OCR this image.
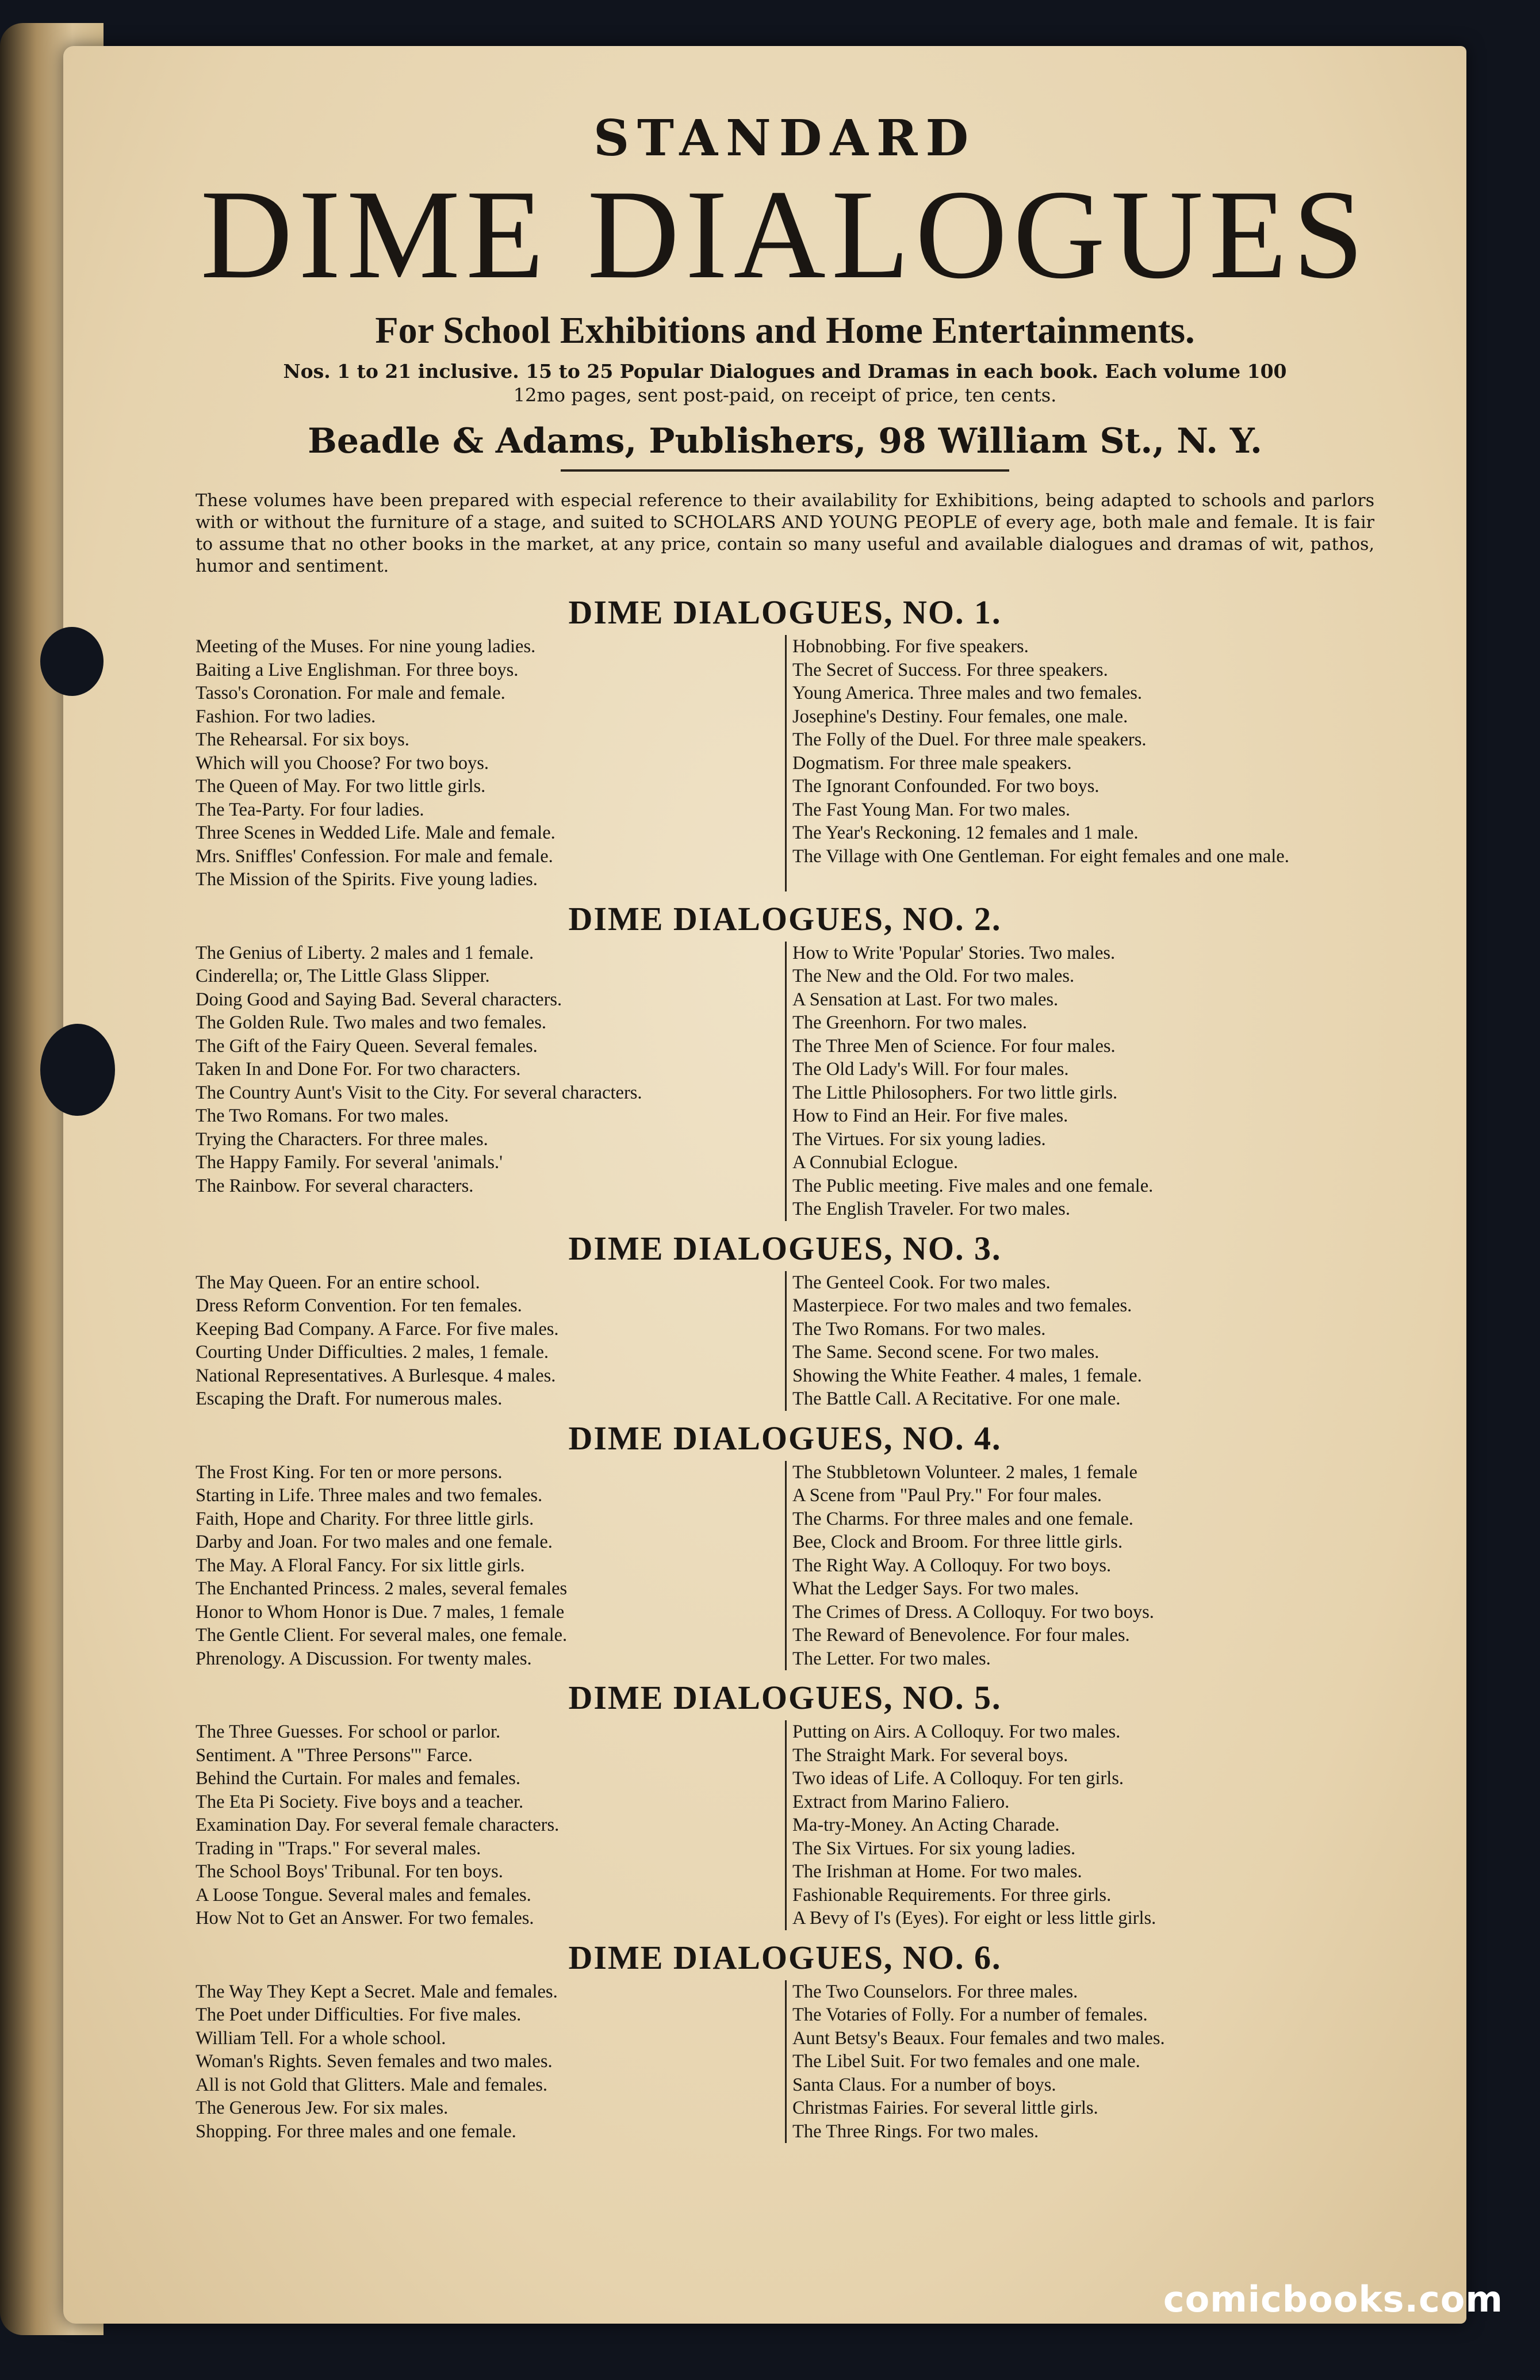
STANDARD
DIME DIALOGUES
For School Exhibitions and Home Entertainments.
Nos. 1 to 21 inclusive. 15 to 25 Popular Dialogues and Dramas in each book. Each volume 100
12mo pages, sent post-paid, on receipt of price, ten cents.
Beadle & Adams, Publishers, 98 William St., N. Y.

These volumes have been prepared with especial reference to their availability for Exhibitions, being adapted to schools and parlors with or without the furniture of a stage, and suited to SCHOLARS AND YOUNG PEOPLE of every age, both male and female. It is fair to assume that no other books in the market, at any price, contain so many useful and available dialogues and dramas of wit, pathos, humor and sentiment.

DIME DIALOGUES, NO. 1.
Meeting of the Muses. For nine young ladies.
Baiting a Live Englishman. For three boys.
Tasso's Coronation. For male and female.
Fashion. For two ladies.
The Rehearsal. For six boys.
Which will you Choose? For two boys.
The Queen of May. For two little girls.
The Tea-Party. For four ladies.
Three Scenes in Wedded Life. Male and female.
Mrs. Sniffles' Confession. For male and female.
The Mission of the Spirits. Five young ladies.
Hobnobbing. For five speakers.
The Secret of Success. For three speakers.
Young America. Three males and two females.
Josephine's Destiny. Four females, one male.
The Folly of the Duel. For three male speakers.
Dogmatism. For three male speakers.
The Ignorant Confounded. For two boys.
The Fast Young Man. For two males.
The Year's Reckoning. 12 females and 1 male.
The Village with One Gentleman. For eight females and one male.
DIME DIALOGUES, NO. 2.
The Genius of Liberty. 2 males and 1 female.
Cinderella; or, The Little Glass Slipper.
Doing Good and Saying Bad. Several characters.
The Golden Rule. Two males and two females.
The Gift of the Fairy Queen. Several females.
Taken In and Done For. For two characters.
The Country Aunt's Visit to the City. For several characters.
The Two Romans. For two males.
Trying the Characters. For three males.
The Happy Family. For several 'animals.'
The Rainbow. For several characters.
How to Write 'Popular' Stories. Two males.
The New and the Old. For two males.
A Sensation at Last. For two males.
The Greenhorn. For two males.
The Three Men of Science. For four males.
The Old Lady's Will. For four males.
The Little Philosophers. For two little girls.
How to Find an Heir. For five males.
The Virtues. For six young ladies.
A Connubial Eclogue.
The Public meeting. Five males and one female.
The English Traveler. For two males.
DIME DIALOGUES, NO. 3.
The May Queen. For an entire school.
Dress Reform Convention. For ten females.
Keeping Bad Company. A Farce. For five males.
Courting Under Difficulties. 2 males, 1 female.
National Representatives. A Burlesque. 4 males.
Escaping the Draft. For numerous males.
The Genteel Cook. For two males.
Masterpiece. For two males and two females.
The Two Romans. For two males.
The Same. Second scene. For two males.
Showing the White Feather. 4 males, 1 female.
The Battle Call. A Recitative. For one male.
DIME DIALOGUES, NO. 4.
The Frost King. For ten or more persons.
Starting in Life. Three males and two females.
Faith, Hope and Charity. For three little girls.
Darby and Joan. For two males and one female.
The May. A Floral Fancy. For six little girls.
The Enchanted Princess. 2 males, several females
Honor to Whom Honor is Due. 7 males, 1 female
The Gentle Client. For several males, one female.
Phrenology. A Discussion. For twenty males.
The Stubbletown Volunteer. 2 males, 1 female
A Scene from "Paul Pry." For four males.
The Charms. For three males and one female.
Bee, Clock and Broom. For three little girls.
The Right Way. A Colloquy. For two boys.
What the Ledger Says. For two males.
The Crimes of Dress. A Colloquy. For two boys.
The Reward of Benevolence. For four males.
The Letter. For two males.
DIME DIALOGUES, NO. 5.
The Three Guesses. For school or parlor.
Sentiment. A "Three Persons'" Farce.
Behind the Curtain. For males and females.
The Eta Pi Society. Five boys and a teacher.
Examination Day. For several female characters.
Trading in "Traps." For several males.
The School Boys' Tribunal. For ten boys.
A Loose Tongue. Several males and females.
How Not to Get an Answer. For two females.
Putting on Airs. A Colloquy. For two males.
The Straight Mark. For several boys.
Two ideas of Life. A Colloquy. For ten girls.
Extract from Marino Faliero.
Ma-try-Money. An Acting Charade.
The Six Virtues. For six young ladies.
The Irishman at Home. For two males.
Fashionable Requirements. For three girls.
A Bevy of I's (Eyes). For eight or less little girls.
DIME DIALOGUES, NO. 6.
The Way They Kept a Secret. Male and females.
The Poet under Difficulties. For five males.
William Tell. For a whole school.
Woman's Rights. Seven females and two males.
All is not Gold that Glitters. Male and females.
The Generous Jew. For six males.
Shopping. For three males and one female.
The Two Counselors. For three males.
The Votaries of Folly. For a number of females.
Aunt Betsy's Beaux. Four females and two males.
The Libel Suit. For two females and one male.
Santa Claus. For a number of boys.
Christmas Fairies. For several little girls.
The Three Rings. For two males.
comicbooks.com
